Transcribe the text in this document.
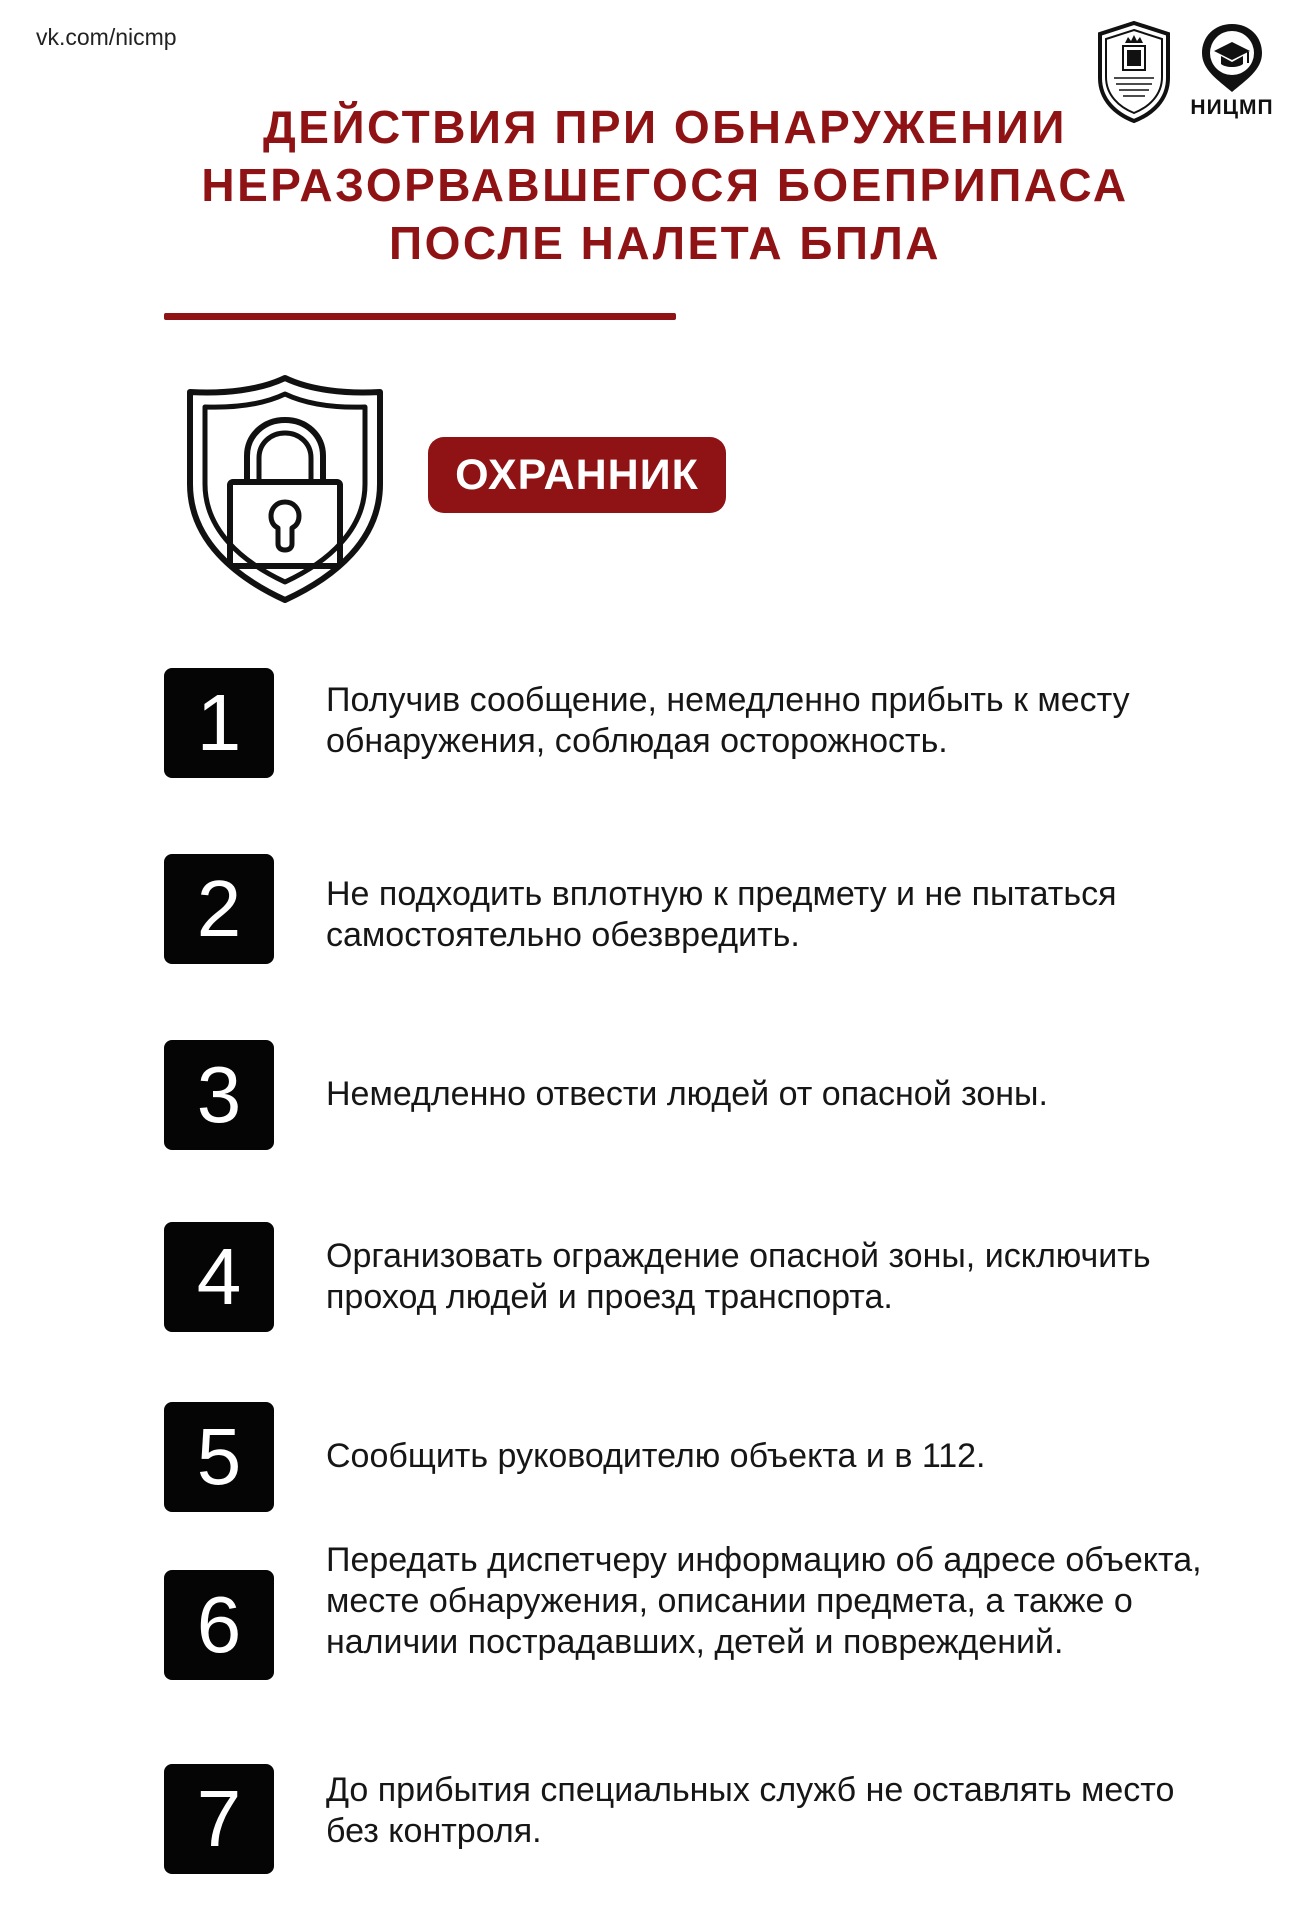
vk.com/nicmp
НИЦМП
ДЕЙСТВИЯ ПРИ ОБНАРУЖЕНИИ
НЕРАЗОРВАВШЕГОСЯ БОЕПРИПАСА
ПОСЛЕ НАЛЕТА БПЛА
ОХРАННИК
1	Получив сообщение, немедленно прибыть к месту обнаружения, соблюдая осторожность.

2	Не подходить вплотную к предмету и не пытаться самостоятельно обезвредить.

3	Немедленно отвести людей от опасной зоны.

4	Организовать ограждение опасной зоны, исключить проход людей и проезд транспорта.

5	Сообщить руководителю объекта и в 112.

6

Передать диспетчеру информацию об адресе объекта, месте обнаружения, описании предмета, а также о наличии пострадавших, детей и повреждений.

7	До прибытия специальных служб не оставлять место без контроля.
